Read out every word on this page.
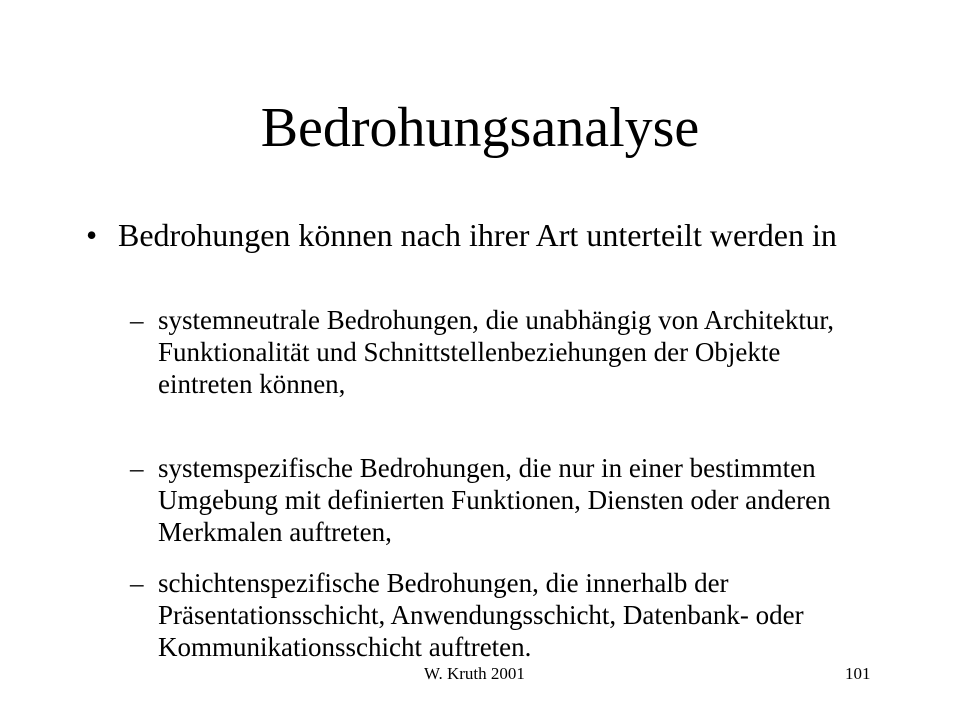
Bedrohungsanalyse
• Bedrohungen können nach ihrer Art unterteilt werden in
– systemneutrale Bedrohungen, die unabhängig von Architektur, Funktionalität und Schnittstellenbeziehungen der Objekte eintreten können,
– systemspezifische Bedrohungen, die nur in einer bestimmten Umgebung mit definierten Funktionen, Diensten oder anderen Merkmalen auftreten,
– schichtenspezifische Bedrohungen, die innerhalb der Präsentationsschicht, Anwendungsschicht, Datenbank- oder Kommunikationsschicht auftreten.
W. Kruth 2001	101
